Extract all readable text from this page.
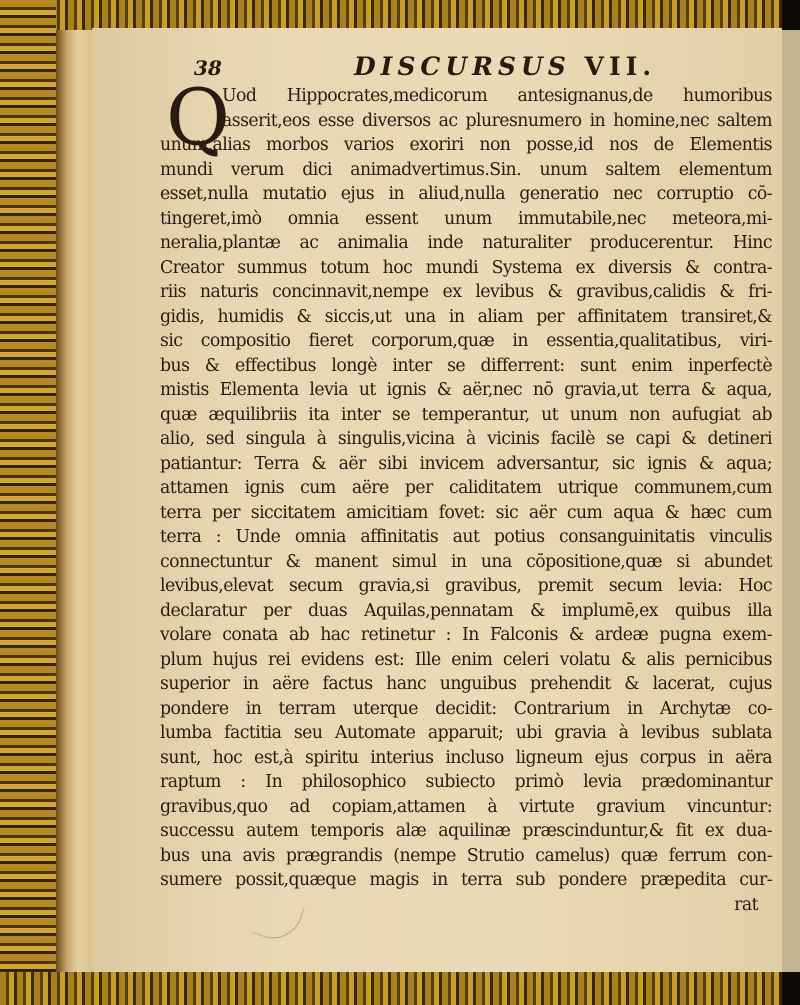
38	DISCURSUS VII.
Q
Uod Hippocrates,medicorum antesignanus,de humoribus
asserit,eos esse diversos ac pluresnumero in homine,nec saltem
unum,alias morbos varios exoriri non posse,id nos de Elementis
mundi verum dici animadvertimus.Sin. unum saltem elementum
esset,nulla mutatio ejus in aliud,nulla generatio nec corruptio cō-
tingeret,imò omnia essent unum immutabile,nec meteora,mi-
neralia,plantæ ac animalia inde naturaliter producerentur. Hinc
Creator summus totum hoc mundi Systema ex diversis & contra-
riis naturis concinnavit,nempe ex levibus & gravibus,calidis & fri-
gidis, humidis & siccis,ut una in aliam per affinitatem transiret,&
sic compositio fieret corporum,quæ in essentia,qualitatibus, viri-
bus & effectibus longè inter se differrent: sunt enim inperfectè
mistis Elementa levia ut ignis & aër,nec nō gravia,ut terra & aqua,
quæ æquilibriis ita inter se temperantur, ut unum non aufugiat ab
alio, sed singula à singulis,vicina à vicinis facilè se capi & detineri
patiantur: Terra & aër sibi invicem adversantur, sic ignis & aqua;
attamen ignis cum aëre per caliditatem utrique communem,cum
terra per siccitatem amicitiam fovet: sic aër cum aqua & hæc cum
terra : Unde omnia affinitatis aut potius consanguinitatis vinculis
connectuntur & manent simul in una cōpositione,quæ si abundet
levibus,elevat secum gravia,si gravibus, premit secum levia: Hoc
declaratur per duas Aquilas,pennatam & implumē,ex quibus illa
volare conata ab hac retinetur : In Falconis & ardeæ pugna exem-
plum hujus rei evidens est: Ille enim celeri volatu & alis pernicibus
superior in aëre factus hanc unguibus prehendit & lacerat, cujus
pondere in terram uterque decidit: Contrarium in Archytæ co-
lumba factitia seu Automate apparuit; ubi gravia à levibus sublata
sunt, hoc est,à spiritu interius incluso ligneum ejus corpus in aëra
raptum : In philosophico subiecto primò levia prædominantur
gravibus,quo ad copiam,attamen à virtute gravium vincuntur:
successu autem temporis alæ aquilinæ præscinduntur,& fit ex dua-
bus una avis prægrandis (nempe Strutio camelus) quæ ferrum con-
sumere possit,quæque magis in terra sub pondere præpedita cur-
rat
